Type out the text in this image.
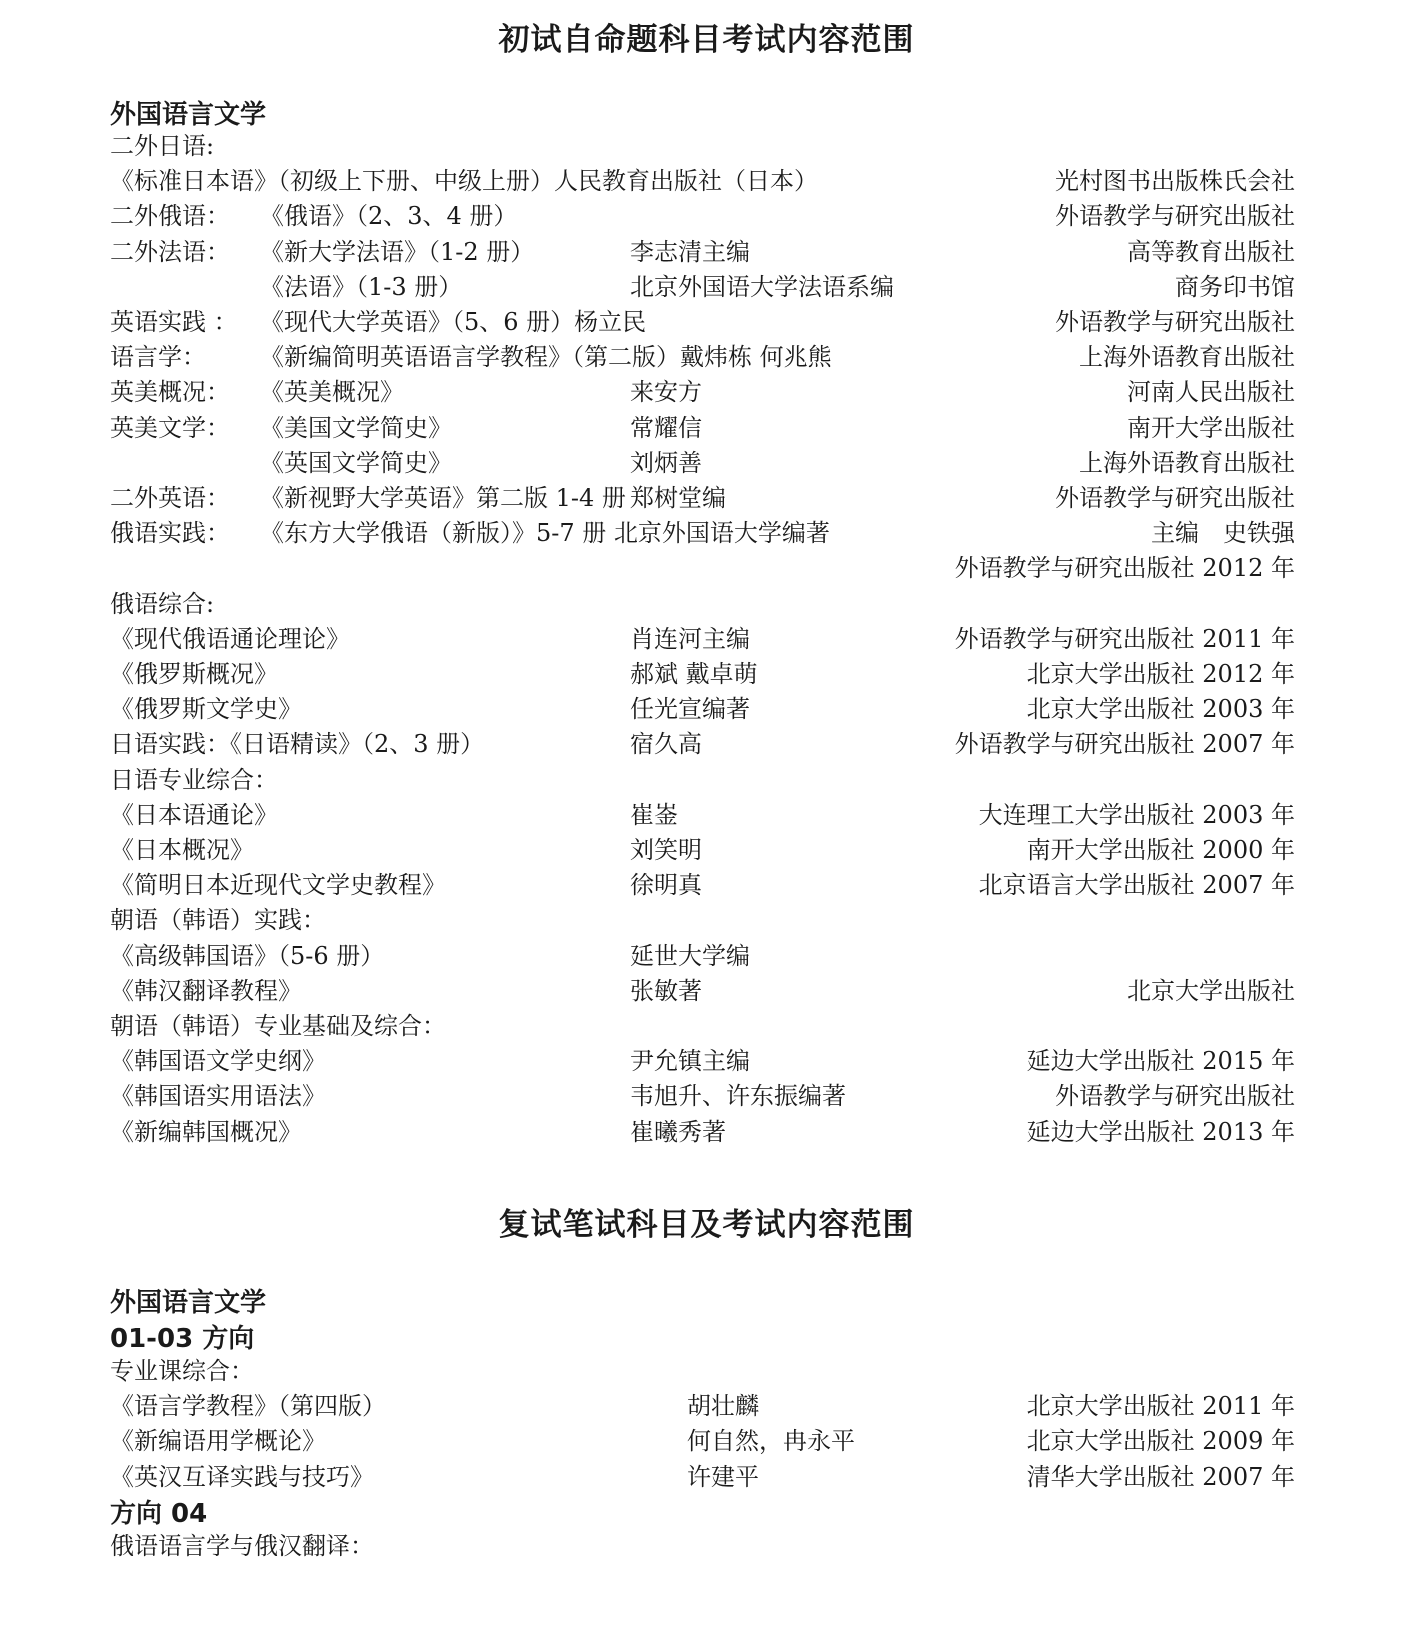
初试自命题科目考试内容范围
外国语言文学
二外日语:
《标准日本语》（初级上下册、中级上册）人民教育出版社（日本）	光村图书出版株氏会社
二外俄语： 《俄语》（2、3、4 册）	外语教学与研究出版社
二外法语： 《新大学法语》（1-2 册）	李志清主编	高等教育出版社
《法语》（1-3 册）	北京外国语大学法语系编	商务印书馆
英语实践 ： 《现代大学英语》（5、6 册）杨立民	外语教学与研究出版社
语言学： 《新编简明英语语言学教程》（第二版）戴炜栋 何兆熊	上海外语教育出版社
英美概况： 《英美概况》	来安方	河南人民出版社
英美文学： 《美国文学简史》	常耀信	南开大学出版社
《英国文学简史》	刘炳善	上海外语教育出版社
二外英语： 《新视野大学英语》第二版 1-4 册 郑树堂编	外语教学与研究出版社
俄语实践： 《东方大学俄语（新版）》5-7 册 北京外国语大学编著	主编　史铁强
外语教学与研究出版社 2012 年
俄语综合:
《现代俄语通论理论》	肖连河主编	外语教学与研究出版社 2011 年
《俄罗斯概况》	郝斌 戴卓萌	北京大学出版社 2012 年
《俄罗斯文学史》	任光宣编著	北京大学出版社 2003 年
日语实践：《日语精读》（2、3 册）	宿久高	外语教学与研究出版社 2007 年
日语专业综合：
《日本语通论》	崔崟	大连理工大学出版社 2003 年
《日本概况》	刘笑明	南开大学出版社 2000 年
《简明日本近现代文学史教程》	徐明真	北京语言大学出版社 2007 年
朝语（韩语）实践：
《高级韩国语》（5-6 册）	延世大学编
《韩汉翻译教程》	张敏著	北京大学出版社
朝语（韩语）专业基础及综合：
《韩国语文学史纲》	尹允镇主编	延边大学出版社 2015 年
《韩国语实用语法》	韦旭升、许东振编著	外语教学与研究出版社
《新编韩国概况》	崔曦秀著	延边大学出版社 2013 年
复试笔试科目及考试内容范围
外国语言文学
01-03 方向
专业课综合：
《语言学教程》（第四版）	胡壮麟	北京大学出版社 2011 年
《新编语用学概论》	何自然，冉永平	北京大学出版社 2009 年
《英汉互译实践与技巧》	许建平	清华大学出版社 2007 年
方向 04
俄语语言学与俄汉翻译：
